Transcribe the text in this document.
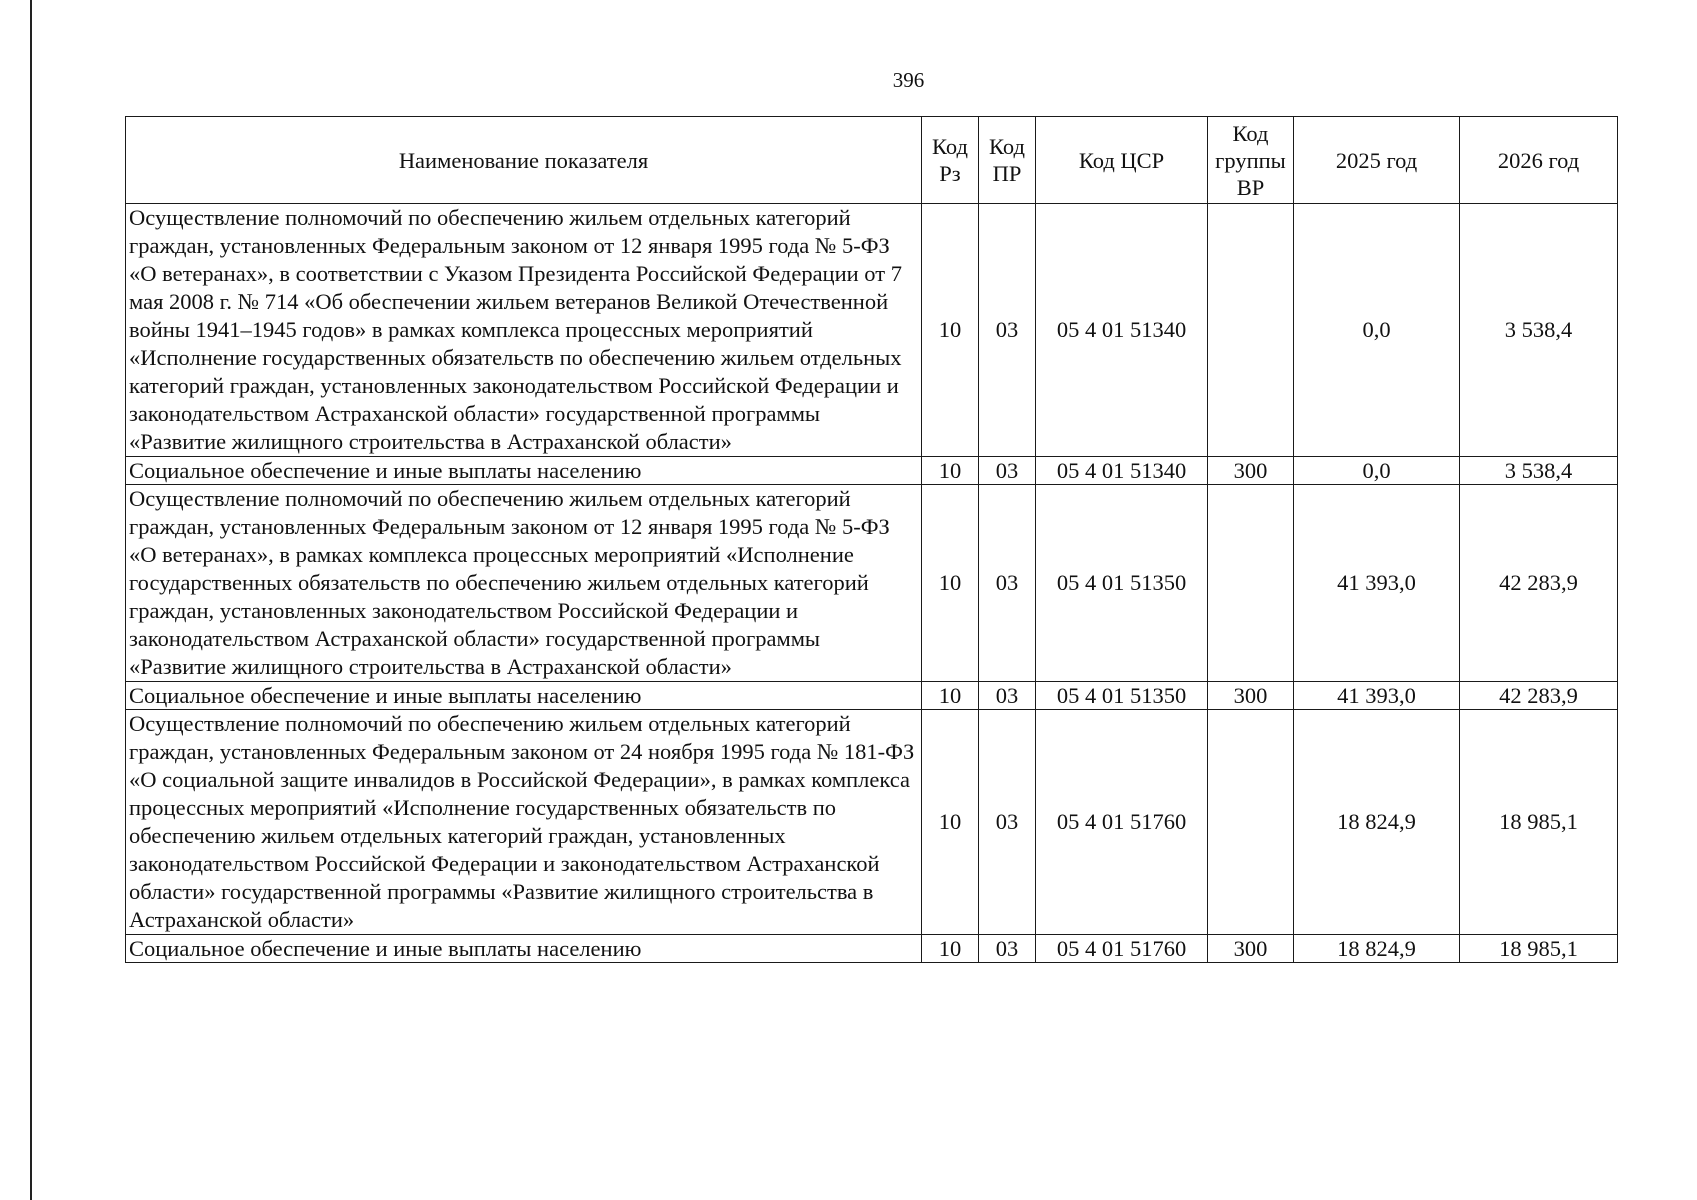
396
Наименование показателя	Код Рз	Код ПР	Код ЦСР	Код группы ВР	2025 год	2026 год
Осуществление полномочий по обеспечению жильем отдельных категорий граждан, установленных Федеральным законом от 12 января 1995 года № 5-ФЗ «О ветеранах», в соответствии с Указом Президента Российской Федерации от 7 мая 2008 г. № 714 «Об обеспечении жильем ветеранов Великой Отечественной войны 1941–1945 годов» в рамках комплекса процессных мероприятий «Исполнение государственных обязательств по обеспечению жильем отдельных категорий граждан, установленных законодательством Российской Федерации и законодательством Астраханской области» государственной программы «Развитие жилищного строительства в Астраханской области»	10	03	05 4 01 51340		0,0	3 538,4
Социальное обеспечение и иные выплаты населению	10	03	05 4 01 51340	300	0,0	3 538,4
Осуществление полномочий по обеспечению жильем отдельных категорий граждан, установленных Федеральным законом от 12 января 1995 года № 5-ФЗ «О ветеранах», в рамках комплекса процессных мероприятий «Исполнение государственных обязательств по обеспечению жильем отдельных категорий граждан, установленных законодательством Российской Федерации и законодательством Астраханской области» государственной программы «Развитие жилищного строительства в Астраханской области»	10	03	05 4 01 51350		41 393,0	42 283,9
Социальное обеспечение и иные выплаты населению	10	03	05 4 01 51350	300	41 393,0	42 283,9
Осуществление полномочий по обеспечению жильем отдельных категорий граждан, установленных Федеральным законом от 24 ноября 1995 года № 181-ФЗ «О социальной защите инвалидов в Российской Федерации», в рамках комплекса процессных мероприятий «Исполнение государственных обязательств по обеспечению жильем отдельных категорий граждан, установленных законодательством Российской Федерации и законодательством Астраханской области» государственной программы «Развитие жилищного строительства в Астраханской области»	10	03	05 4 01 51760		18 824,9	18 985,1
Социальное обеспечение и иные выплаты населению	10	03	05 4 01 51760	300	18 824,9	18 985,1
